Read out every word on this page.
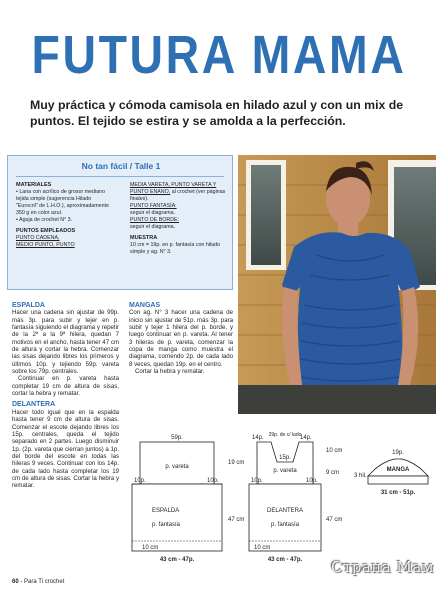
FUTURA MAMA
Muy práctica y cómoda camisola en hilado azul y con un mix de puntos. El tejido se estira y se amolda a la perfección.
No tan fácil / Talle 1
MATERIALES
• Lana con acrílico de grosor mediano tejida simple (sugerencia Hilado "Eurocril" de L.H.O.), aproximadamente 350 g en color azul.
• Aguja de crochet N° 3.
PUNTOS EMPLEADOS
PUNTO CADENA,
MEDIO PUNTO, PUNTO
MEDIA VARETA, PUNTO VARETA Y PUNTO ENANO, al crochet (ver páginas finales).
PUNTO FANTASÍA:
seguir el diagrama.
PUNTO DE BORDE:
seguir el diagrama.
MUESTRA
10 cm = 19p. en p. fantasía con hilado simple y ag. N° 3.
ESPALDA
Hacer una cadena sin ajustar de 99p. más 3p. para subir y tejer en p. fantasía siguiendo el diagrama y repetir de la 2ª a la 9ª hilera, quedan 7 motivos en el ancho, hasta tener 47 cm de altura y cortar la hebra. Comenzar las sisas dejando libres los primeros y últimos 10p. y tejiendo 59p. vareta sobre los 79p. centrales.
Continuar en p. vareta hasta completar 19 cm de altura de sisas, cortar la hebra y rematar.
DELANTERA
Hacer todo igual que en la espalda hasta tener 9 cm de altura de sisas. Comenzar el escote dejando libres los 15p. centrales, queda el tejido separado en 2 partes. Luego disminuir 1p. (2p. vareta que cierran juntos) a 1p. del borde del escote en todas las hileras 9 veces. Continuar con los 14p. de cada lado hasta completar los 19 cm de altura de sisas. Cortar la hebra y rematar.
MANGAS
Con ag. N° 3 hacer una cadena de inicio sin ajustar de 51p. más 3p. para subir y tejer 1 hilera del p. borde, y luego continuar en p. vareta. Al tener 3 hileras de p. vareta, comenzar la copa de manga como muestra el diagrama, corriendo 2p. de cada lado 8 veces, quedan 19p. en el centro.
Cortar la hebra y rematar.
59p.
p. vareta
19 cm
10p.	10p.
ESPALDA
p. fantasía
47 cm
10 cm
43 cm - 47p.
14p. 29p. de c/ lado
14p.
15p.
p. vareta
10 cm
9 cm
10p.	10p.
DELANTERA
p. fantasía
47 cm
10 cm
43 cm - 47p.
19p.
3 hil.
MANGA
31 cm - 51p.
60 - Para Ti crochet
Страна Мам
